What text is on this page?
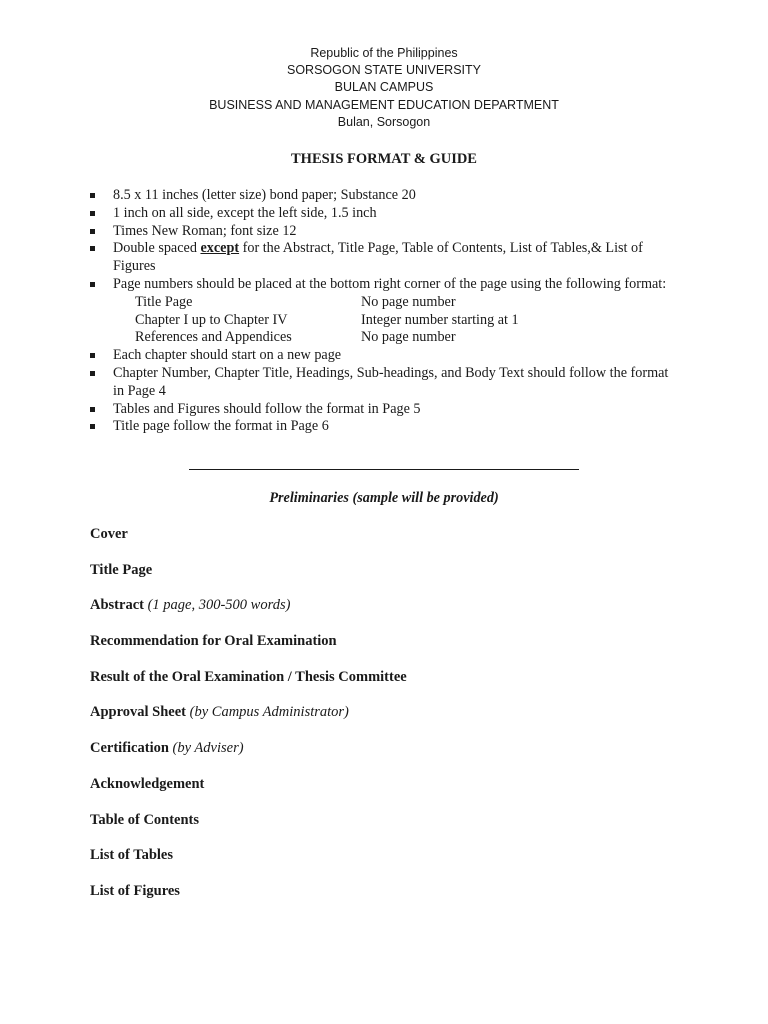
Republic of the Philippines
SORSOGON STATE UNIVERSITY
BULAN CAMPUS
BUSINESS AND MANAGEMENT EDUCATION DEPARTMENT
Bulan, Sorsogon
THESIS FORMAT & GUIDE
8.5 x 11 inches (letter size) bond paper; Substance 20
1 inch on all side, except the left side, 1.5 inch
Times New Roman; font size 12
Double spaced except for the Abstract, Title Page, Table of Contents, List of Tables,& List of Figures
Page numbers should be placed at the bottom right corner of the page using the following format:
Title Page	No page number
Chapter I up to Chapter IV	Integer number starting at 1
References and Appendices	No page number
Each chapter should start on a new page
Chapter Number, Chapter Title, Headings, Sub-headings, and Body Text should follow the format in Page 4
Tables and Figures should follow the format in Page 5
Title page follow the format in Page 6
Preliminaries (sample will be provided)
Cover
Title Page
Abstract (1 page, 300-500 words)
Recommendation for Oral Examination
Result of the Oral Examination / Thesis Committee
Approval Sheet (by Campus Administrator)
Certification (by Adviser)
Acknowledgement
Table of Contents
List of Tables
List of Figures
